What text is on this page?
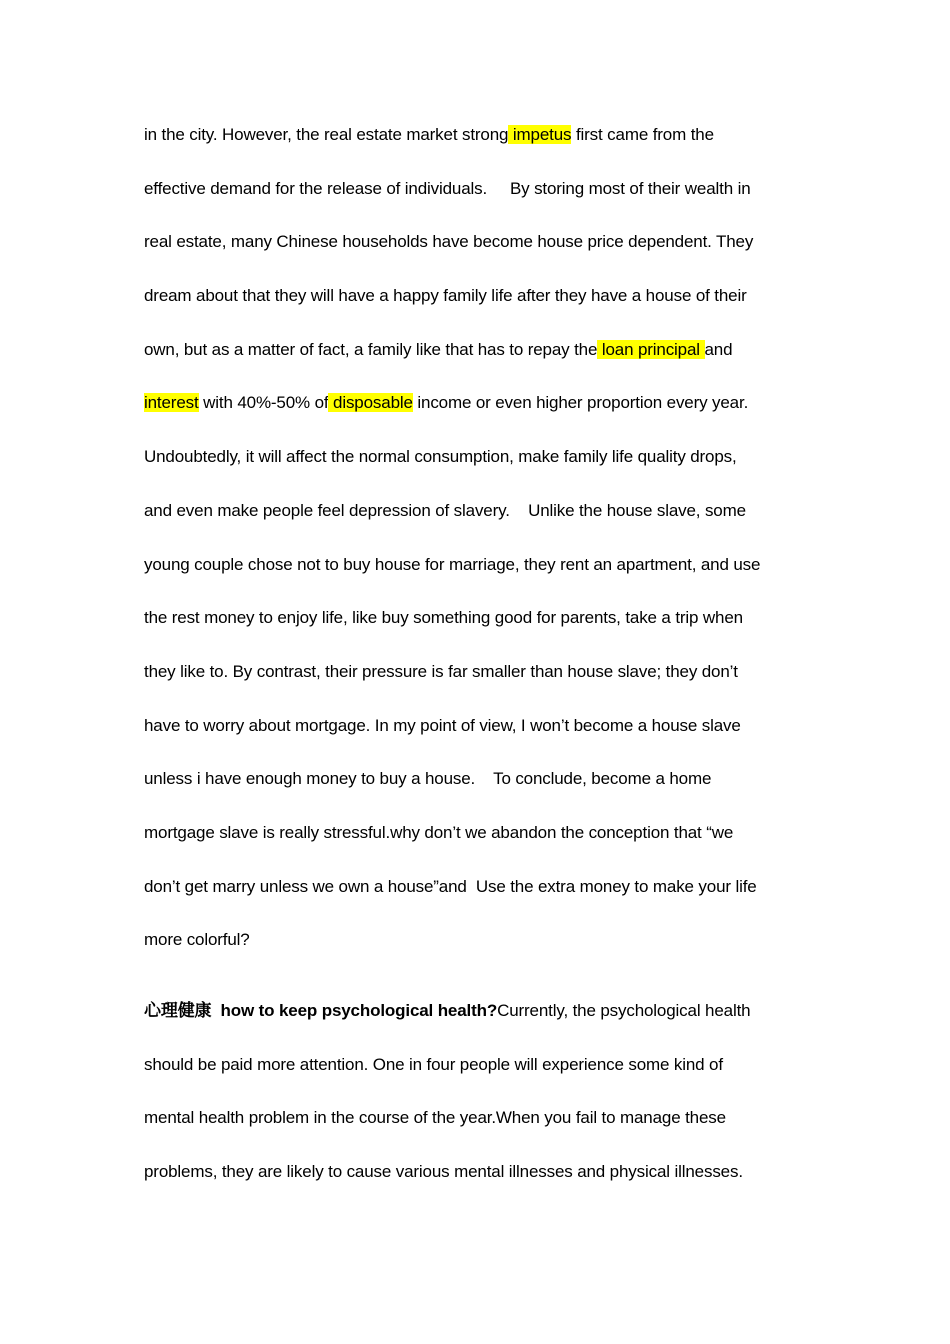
in the city. However, the real estate market strong impetus first came from the
effective demand for the release of individuals.     By storing most of their wealth in
real estate, many Chinese households have become house price dependent. They
dream about that they will have a happy family life after they have a house of their
own, but as a matter of fact, a family like that has to repay the loan principal and
interest with 40%-50% of disposable income or even higher proportion every year.
Undoubtedly, it will affect the normal consumption, make family life quality drops,
and even make people feel depression of slavery.    Unlike the house slave, some
young couple chose not to buy house for marriage, they rent an apartment, and use
the rest money to enjoy life, like buy something good for parents, take a trip when
they like to. By contrast, their pressure is far smaller than house slave; they don’t
have to worry about mortgage. In my point of view, I won’t become a house slave
unless i have enough money to buy a house.    To conclude, become a home
mortgage slave is really stressful.why don’t we abandon the conception that “we
don’t get marry unless we own a house”and  Use the extra money to make your life
more colorful?
心理健康  how to keep psychological health?Currently, the psychological health
should be paid more attention. One in four people will experience some kind of
mental health problem in the course of the year.When you fail to manage these
problems, they are likely to cause various mental illnesses and physical illnesses.
